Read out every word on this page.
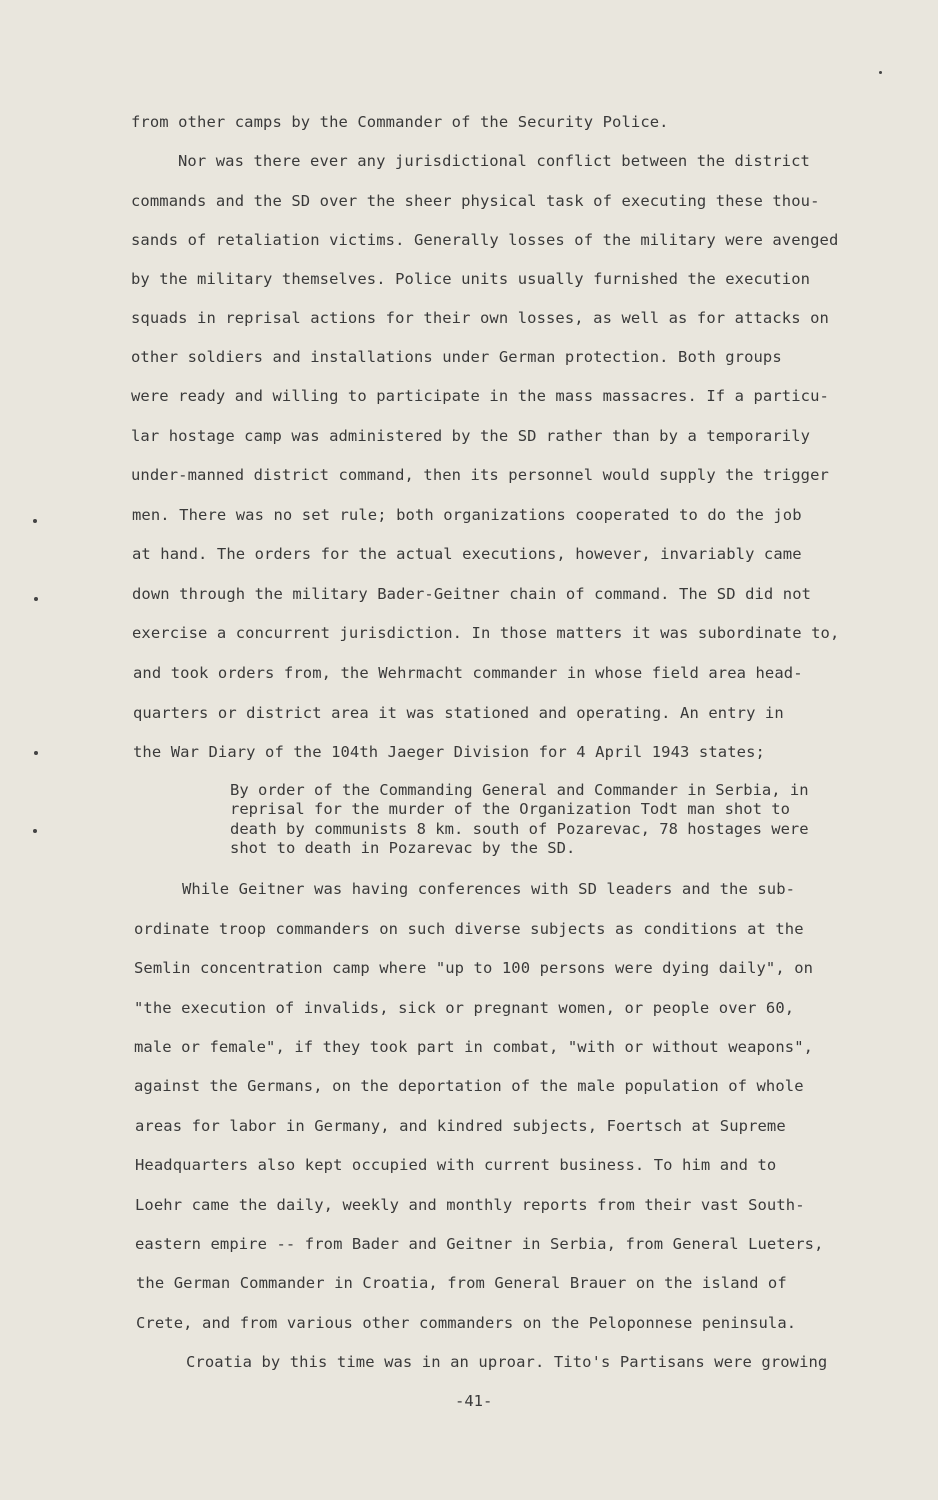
from other camps by the Commander of the Security Police.
Nor was there ever any jurisdictional conflict between the district
commands and the SD over the sheer physical task of executing these thou-
sands of retaliation victims. Generally losses of the military were avenged
by the military themselves. Police units usually furnished the execution
squads in reprisal actions for their own losses, as well as for attacks on
other soldiers and installations under German protection. Both groups
were ready and willing to participate in the mass massacres. If a particu-
lar hostage camp was administered by the SD rather than by a temporarily
under-manned district command, then its personnel would supply the trigger
men. There was no set rule; both organizations cooperated to do the job
at hand. The orders for the actual executions, however, invariably came
down through the military Bader-Geitner chain of command. The SD did not
exercise a concurrent jurisdiction. In those matters it was subordinate to,
and took orders from, the Wehrmacht commander in whose field area head-
quarters or district area it was stationed and operating. An entry in
the War Diary of the 104th Jaeger Division for 4 April 1943 states;
By order of the Commanding General and Commander in Serbia, in
reprisal for the murder of the Organization Todt man shot to
death by communists 8 km. south of Pozarevac, 78 hostages were
shot to death in Pozarevac by the SD.
While Geitner was having conferences with SD leaders and the sub-
ordinate troop commanders on such diverse subjects as conditions at the
Semlin concentration camp where "up to 100 persons were dying daily", on
"the execution of invalids, sick or pregnant women, or people over 60,
male or female", if they took part in combat, "with or without weapons",
against the Germans, on the deportation of the male population of whole
areas for labor in Germany, and kindred subjects, Foertsch at Supreme
Headquarters also kept occupied with current business. To him and to
Loehr came the daily, weekly and monthly reports from their vast South-
eastern empire -- from Bader and Geitner in Serbia, from General Lueters,
the German Commander in Croatia, from General Brauer on the island of
Crete, and from various other commanders on the Peloponnese peninsula.
Croatia by this time was in an uproar. Tito's Partisans were growing
-41-
